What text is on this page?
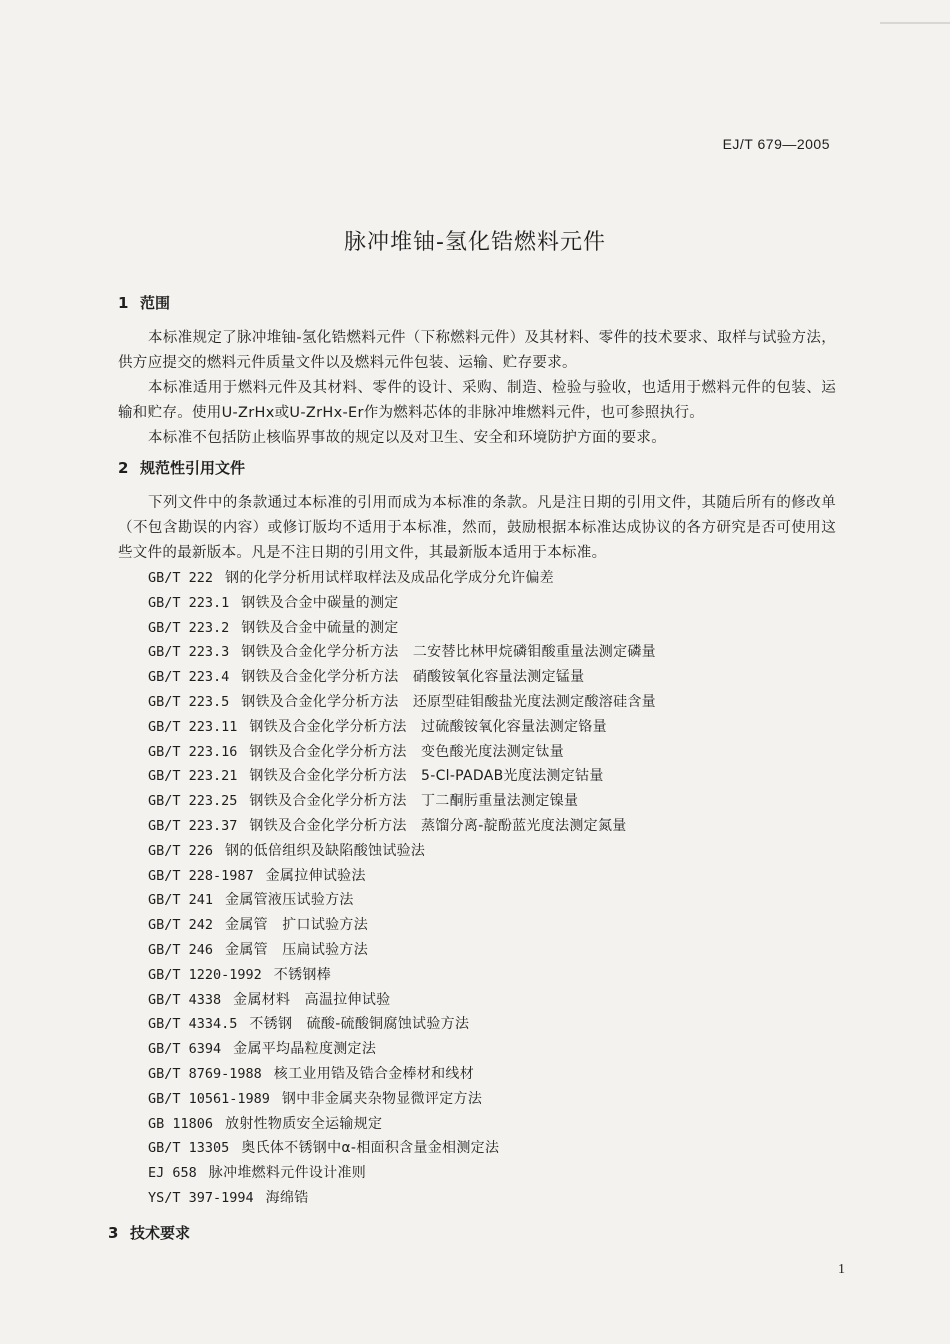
EJ/T 679—2005
脉冲堆铀-氢化锆燃料元件
1 范围
本标准规定了脉冲堆铀-氢化锆燃料元件（下称燃料元件）及其材料、零件的技术要求、取样与试验方法，供方应提交的燃料元件质量文件以及燃料元件包装、运输、贮存要求。
本标准适用于燃料元件及其材料、零件的设计、采购、制造、检验与验收，也适用于燃料元件的包装、运输和贮存。使用U-ZrHx或U-ZrHx-Er作为燃料芯体的非脉冲堆燃料元件，也可参照执行。
本标准不包括防止核临界事故的规定以及对卫生、安全和环境防护方面的要求。
2 规范性引用文件
下列文件中的条款通过本标准的引用而成为本标准的条款。凡是注日期的引用文件，其随后所有的修改单（不包含勘误的内容）或修订版均不适用于本标准，然而，鼓励根据本标准达成协议的各方研究是否可使用这些文件的最新版本。凡是不注日期的引用文件，其最新版本适用于本标准。
GB/T 222 钢的化学分析用试样取样法及成品化学成分允许偏差
GB/T 223.1 钢铁及合金中碳量的测定
GB/T 223.2 钢铁及合金中硫量的测定
GB/T 223.3 钢铁及合金化学分析方法　二安替比林甲烷磷钼酸重量法测定磷量
GB/T 223.4 钢铁及合金化学分析方法　硝酸铵氧化容量法测定锰量
GB/T 223.5 钢铁及合金化学分析方法　还原型硅钼酸盐光度法测定酸溶硅含量
GB/T 223.11 钢铁及合金化学分析方法　过硫酸铵氧化容量法测定铬量
GB/T 223.16 钢铁及合金化学分析方法　变色酸光度法测定钛量
GB/T 223.21 钢铁及合金化学分析方法　5-Cl-PADAB光度法测定钴量
GB/T 223.25 钢铁及合金化学分析方法　丁二酮肟重量法测定镍量
GB/T 223.37 钢铁及合金化学分析方法　蒸馏分离-靛酚蓝光度法测定氮量
GB/T 226 钢的低倍组织及缺陷酸蚀试验法
GB/T 228-1987 金属拉伸试验法
GB/T 241 金属管液压试验方法
GB/T 242 金属管　扩口试验方法
GB/T 246 金属管　压扁试验方法
GB/T 1220-1992 不锈钢棒
GB/T 4338 金属材料　高温拉伸试验
GB/T 4334.5 不锈钢　硫酸-硫酸铜腐蚀试验方法
GB/T 6394 金属平均晶粒度测定法
GB/T 8769-1988 核工业用锆及锆合金棒材和线材
GB/T 10561-1989 钢中非金属夹杂物显微评定方法
GB 11806 放射性物质安全运输规定
GB/T 13305 奥氏体不锈钢中α-相面积含量金相测定法
EJ 658 脉冲堆燃料元件设计准则
YS/T 397-1994 海绵锆
3 技术要求
1
